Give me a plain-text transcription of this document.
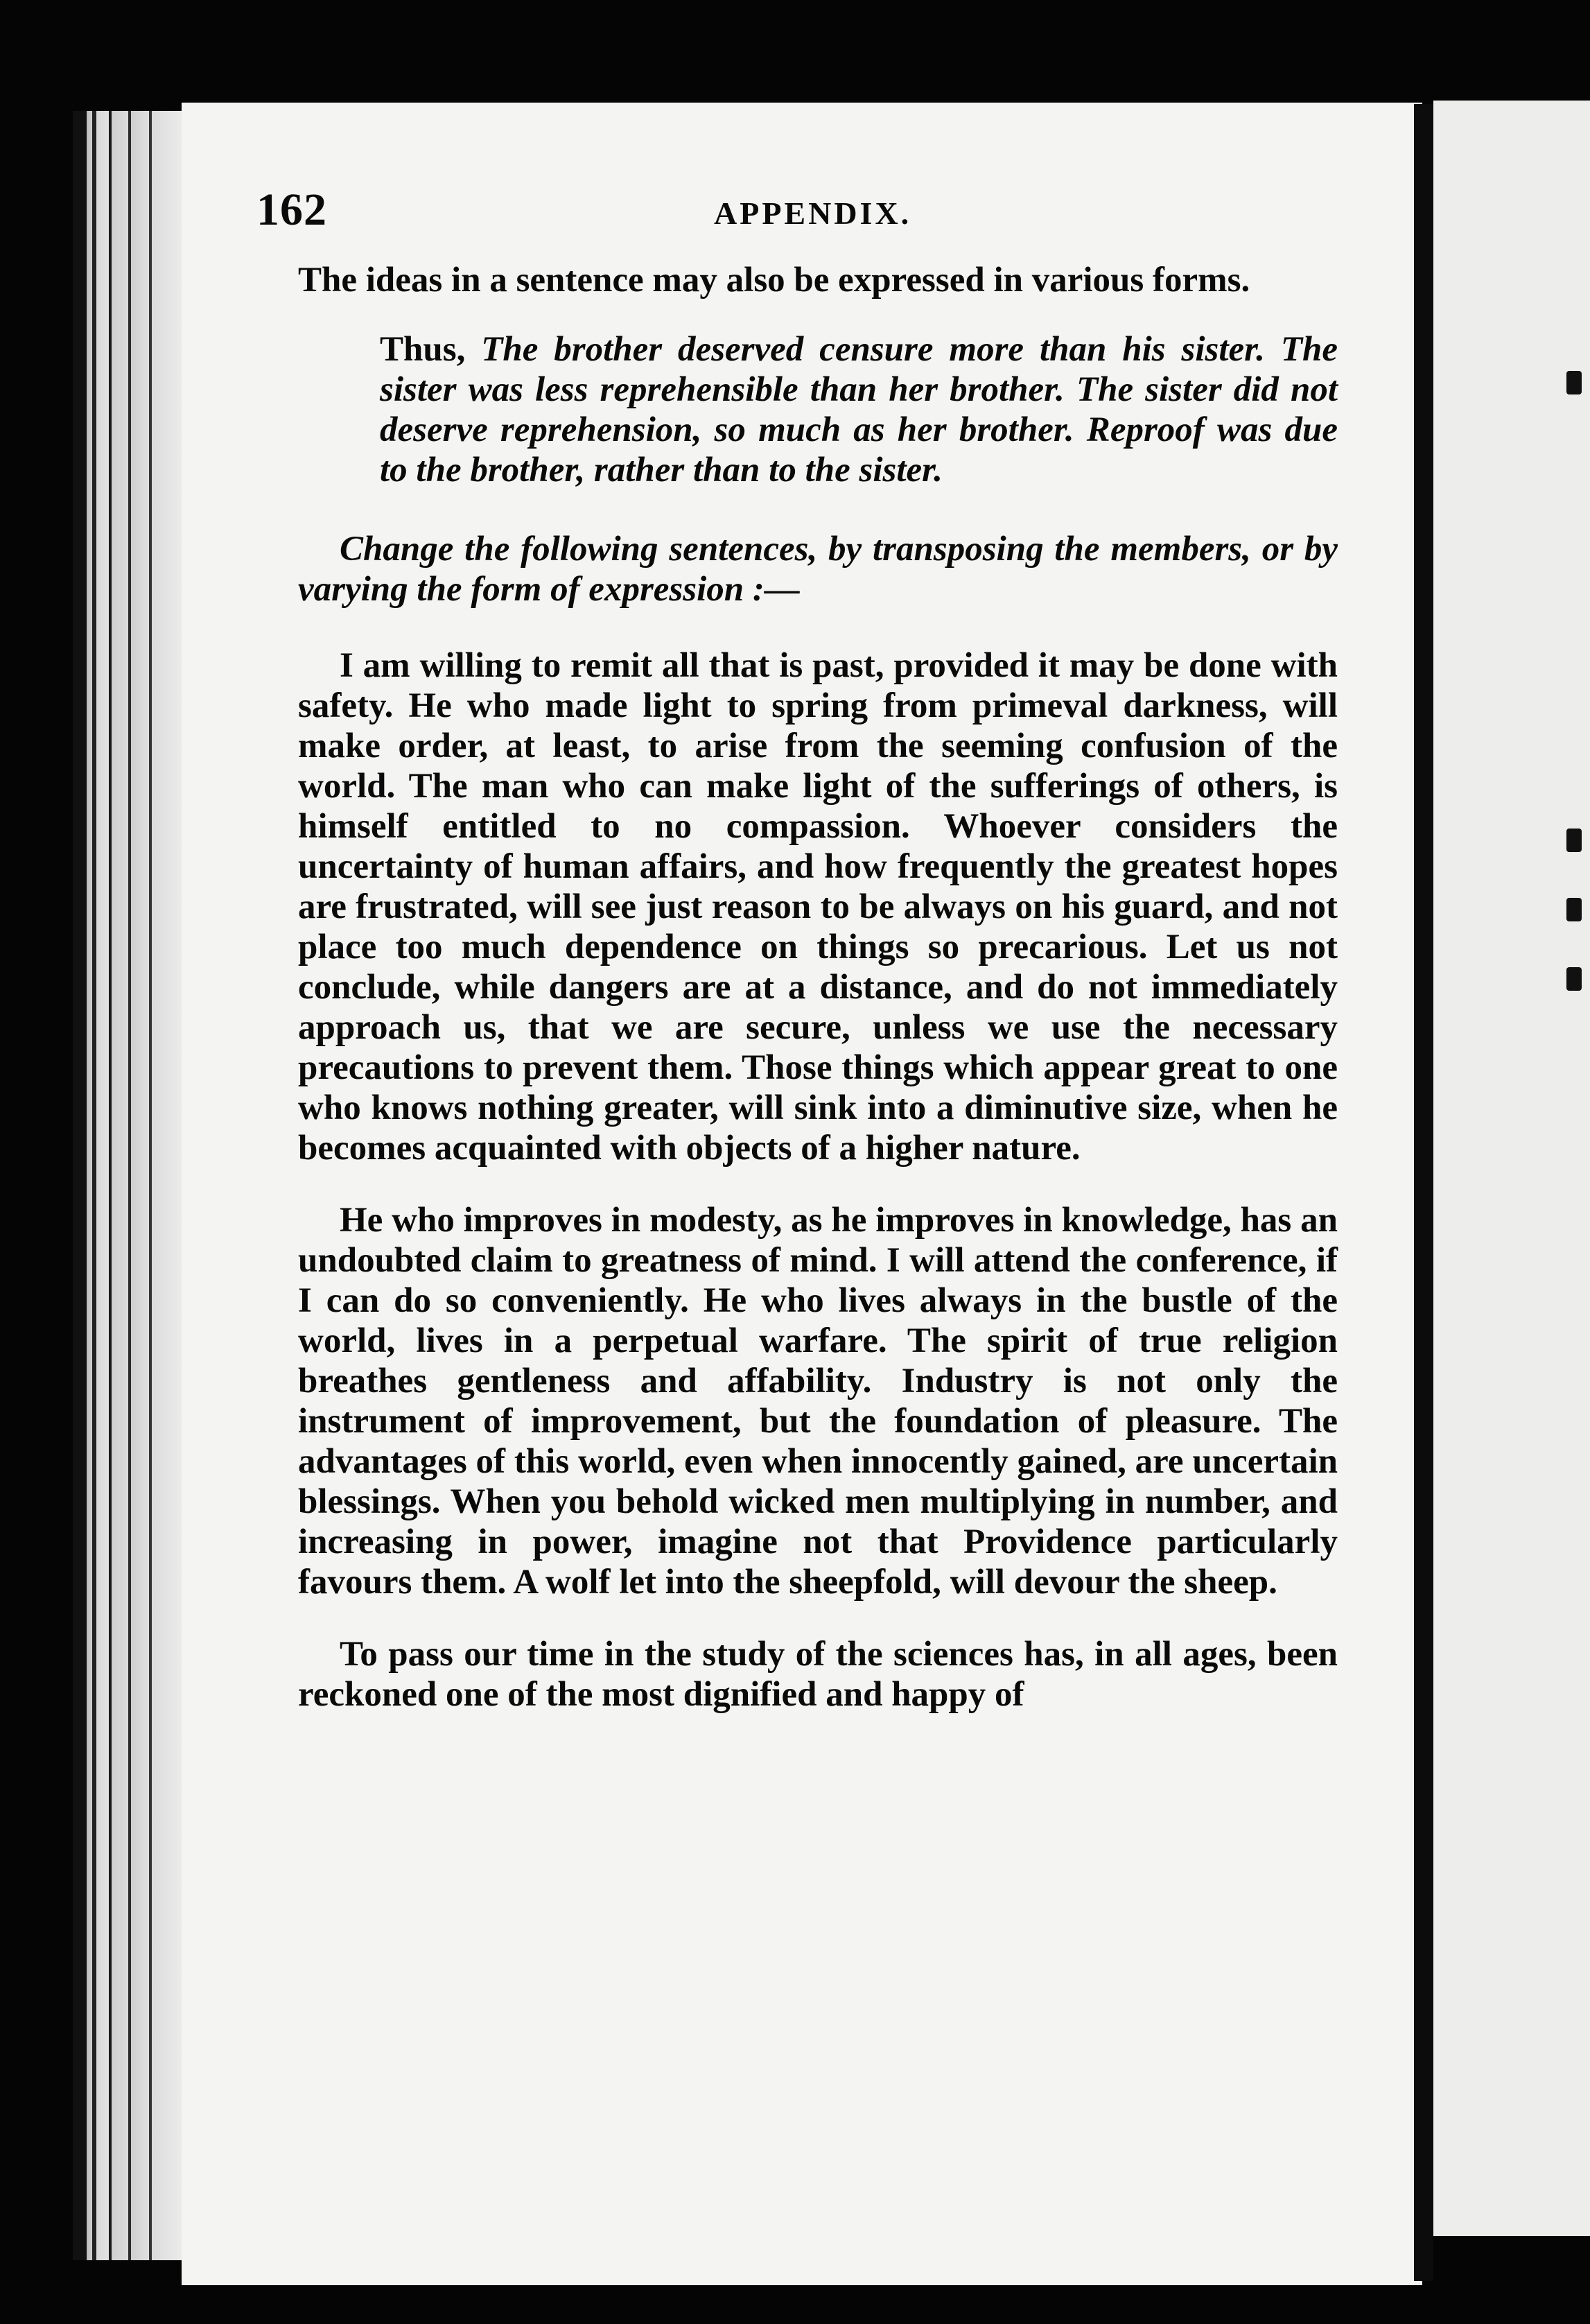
162	APPENDIX.

The ideas in a sentence may also be expressed in various forms.

Thus, The brother deserved censure more than his sister. The sister was less reprehensible than her brother. The sister did not deserve reprehension, so much as her brother. Reproof was due to the brother, rather than to the sister.

Change the following sentences, by transposing the members, or by varying the form of expression :—

I am willing to remit all that is past, provided it may be done with safety. He who made light to spring from primeval darkness, will make order, at least, to arise from the seeming confusion of the world. The man who can make light of the sufferings of others, is himself entitled to no compassion. Whoever considers the uncertainty of human affairs, and how frequently the greatest hopes are frustrated, will see just reason to be always on his guard, and not place too much dependence on things so precarious. Let us not conclude, while dangers are at a distance, and do not immediately approach us, that we are secure, unless we use the necessary precautions to prevent them. Those things which appear great to one who knows nothing greater, will sink into a diminutive size, when he becomes acquainted with objects of a higher nature.

He who improves in modesty, as he improves in knowledge, has an undoubted claim to greatness of mind. I will attend the conference, if I can do so conveniently. He who lives always in the bustle of the world, lives in a perpetual warfare. The spirit of true religion breathes gentleness and affability. Industry is not only the instrument of improvement, but the foundation of pleasure. The advantages of this world, even when innocently gained, are uncertain blessings. When you behold wicked men multiplying in number, and increasing in power, imagine not that Providence particularly favours them. A wolf let into the sheepfold, will devour the sheep.

To pass our time in the study of the sciences has, in all ages, been reckoned one of the most dignified and happy of
